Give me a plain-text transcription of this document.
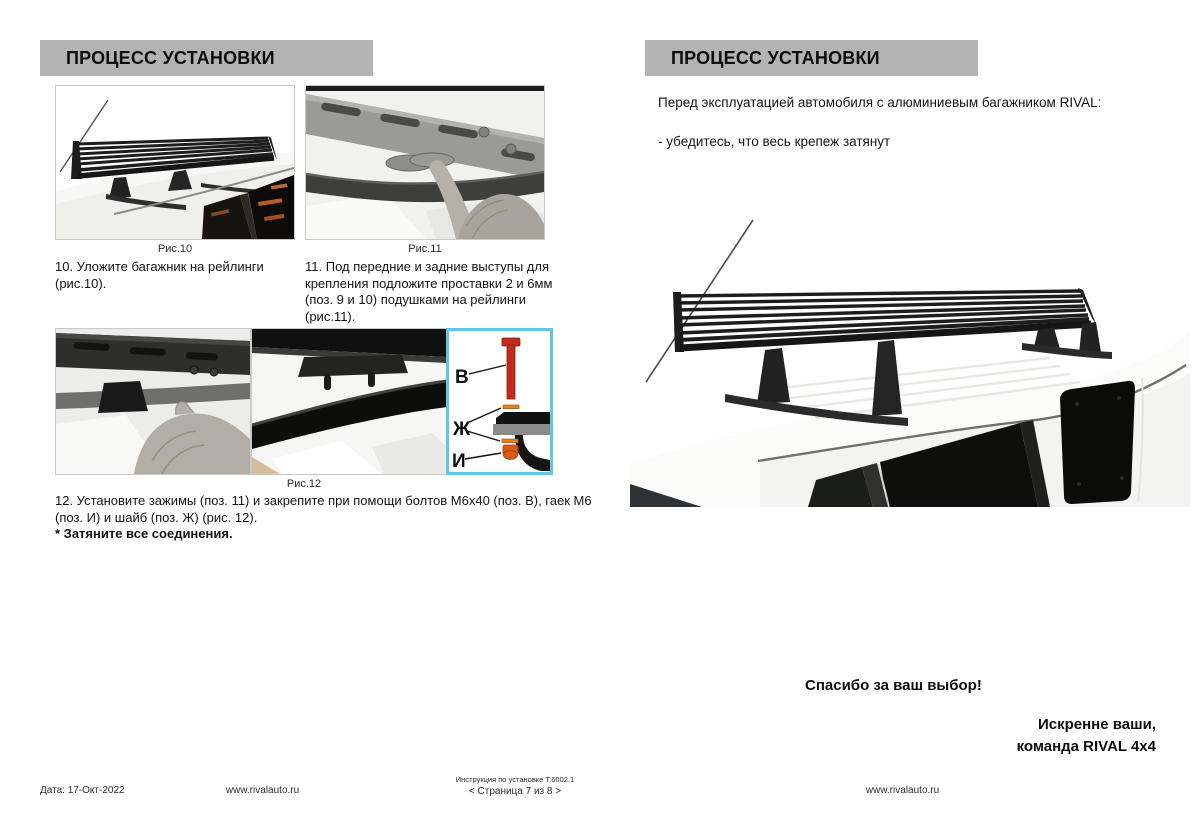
ПРОЦЕСС УСТАНОВКИ
Рис.10	Рис.11
10. Уложите багажник на рейлинги (рис.10).
11. Под передние и задние выступы для крепления подложите проставки 2 и 6мм (поз. 9 и 10) подушками на рейлинги (рис.11).
В
Ж
И
Рис.12
12. Установите зажимы (поз. 11) и закрепите при помощи болтов М6х40 (поз. В), гаек М6 (поз. И) и шайб (поз. Ж) (рис. 12).
* Затяните все соединения.
ПРОЦЕСС УСТАНОВКИ
Перед эксплуатацией автомобиля с алюминиевым багажником RIVAL:
- убедитесь, что весь крепеж затянут
Спасибо за ваш выбор!
Искренне ваши,
команда RIVAL 4x4
Дата: 17-Окт-2022	www.rivalauto.ru
Инструкция по установке Т.6002.1
< Страница 7 из 8 >	www.rivalauto.ru
